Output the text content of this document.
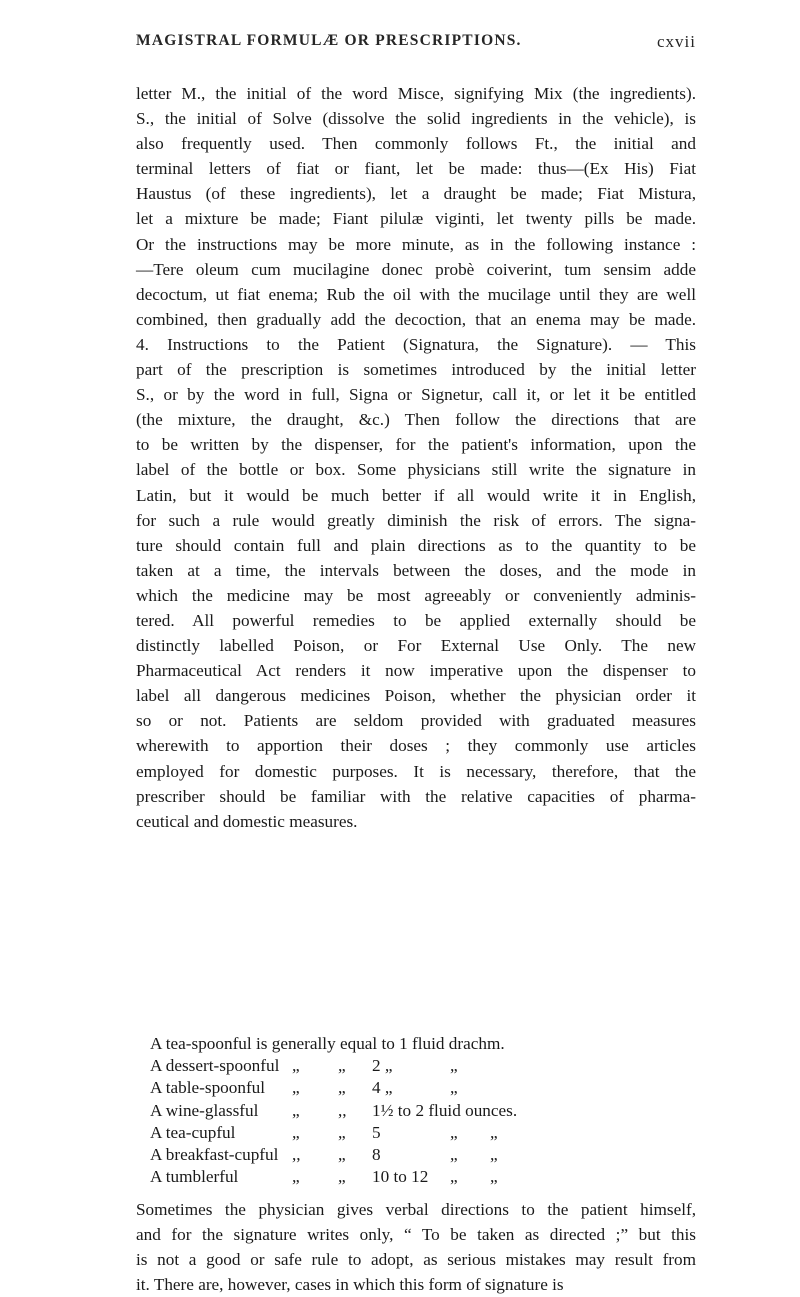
MAGISTRAL FORMULÆ OR PRESCRIPTIONS.	cxvii
letter M., the initial of the word Misce, signifying Mix (the ingredients).
S., the initial of Solve (dissolve the solid ingredients in the vehicle), is
also frequently used. Then commonly follows Ft., the initial and
terminal letters of fiat or fiant, let be made: thus—(Ex His) Fiat
Haustus (of these ingredients), let a draught be made; Fiat Mistura,
let a mixture be made; Fiant pilulæ viginti, let twenty pills be made.
Or the instructions may be more minute, as in the following instance :
—Tere oleum cum mucilagine donec probè coiverint, tum sensim adde
decoctum, ut fiat enema; Rub the oil with the mucilage until they are well
combined, then gradually add the decoction, that an enema may be made.
4. Instructions to the Patient (Signatura, the Signature). — This
part of the prescription is sometimes introduced by the initial letter
S., or by the word in full, Signa or Signetur, call it, or let it be entitled
(the mixture, the draught, &c.) Then follow the directions that are
to be written by the dispenser, for the patient's information, upon the
label of the bottle or box. Some physicians still write the signature in
Latin, but it would be much better if all would write it in English,
for such a rule would greatly diminish the risk of errors. The signa-
ture should contain full and plain directions as to the quantity to be
taken at a time, the intervals between the doses, and the mode in
which the medicine may be most agreeably or conveniently adminis-
tered. All powerful remedies to be applied externally should be
distinctly labelled Poison, or For External Use Only. The new
Pharmaceutical Act renders it now imperative upon the dispenser to
label all dangerous medicines Poison, whether the physician order it
so or not. Patients are seldom provided with graduated measures
wherewith to apportion their doses ; they commonly use articles
employed for domestic purposes. It is necessary, therefore, that the
prescriber should be familiar with the relative capacities of pharma-
ceutical and domestic measures.
A tea-spoonful is generally equal to 1 fluid drachm.
A dessert-spoonful „ „ 2 „	„
A table-spoonful „ „ 4 „	„
A wine-glassful „ ,, 1½ to 2 fluid ounces.
A tea-cupful	„ „ 5	„ „
A breakfast-cupful ,, „ 8	„ „
A tumblerful	„ „ 10 to 12 „ „
Sometimes the physician gives verbal directions to the patient himself,
and for the signature writes only, “ To be taken as directed ;” but this
is not a good or safe rule to adopt, as serious mistakes may result from
it. There are, however, cases in which this form of signature is
